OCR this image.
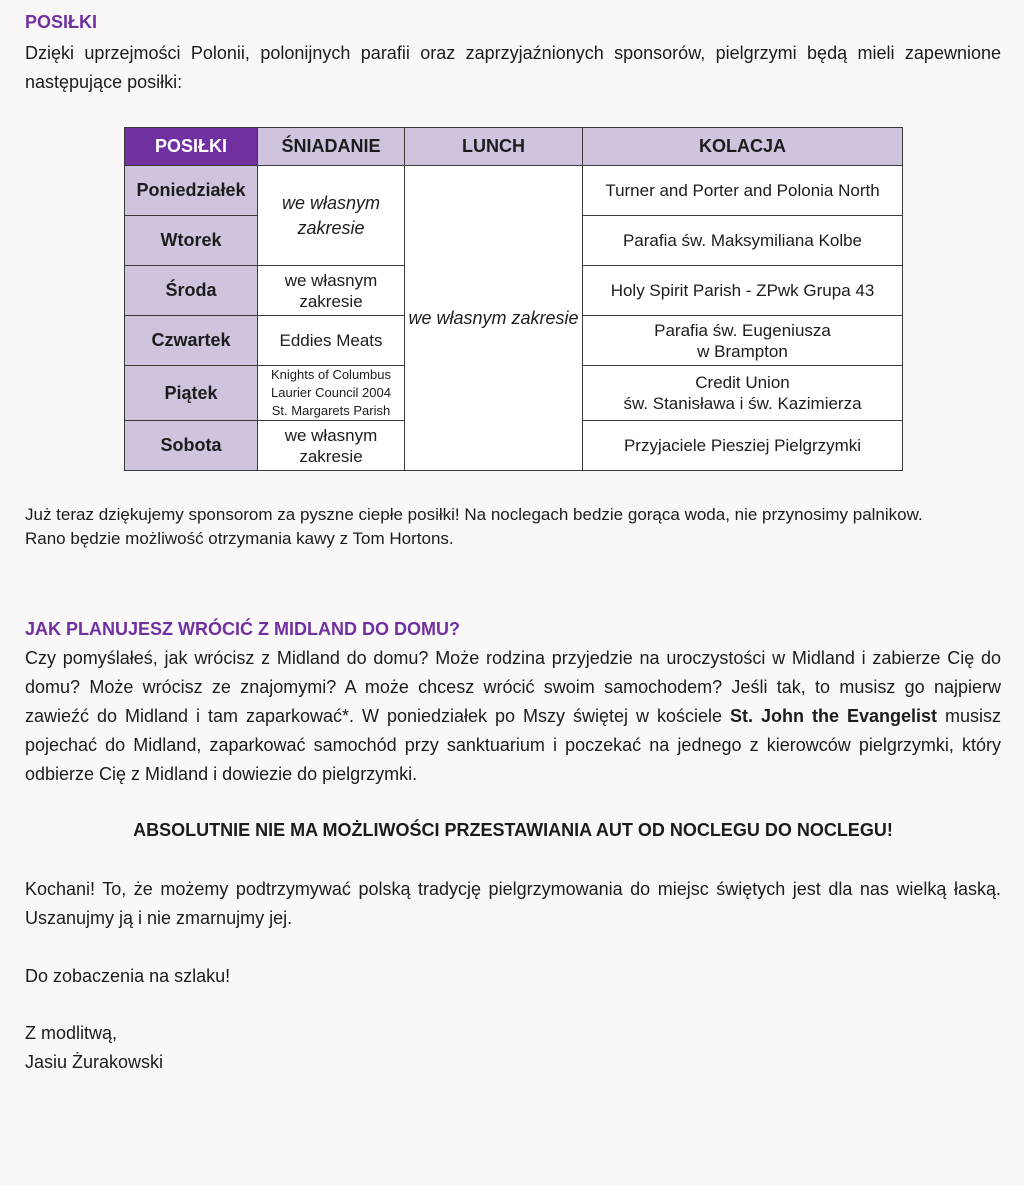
POSIŁKI

Dzięki uprzejmości Polonii, polonijnych parafii oraz zaprzyjaźnionych sponsorów, pielgrzymi będą mieli zapewnione następujące posiłki:

POSIŁKI	ŚNIADANIE	LUNCH	KOLACJA
Poniedziałek	we własnym zakresie	we własnym zakresie	Turner and Porter and Polonia North
Wtorek			Parafia św. Maksymiliana Kolbe
Środa	we własnym zakresie		Holy Spirit Parish - ZPwk Grupa 43
Czwartek	Eddies Meats		Parafia św. Eugeniusza
w Brampton
Piątek	Knights of Columbus
Laurier Council 2004
St. Margarets Parish		Credit Union
św. Stanisława i św. Kazimierza
Sobota	we własnym zakresie		Przyjaciele Piesziej Pielgrzymki
Już teraz dziękujemy sponsorom za pyszne ciepłe posiłki! Na noclegach bedzie gorąca woda, nie przynosimy palnikow.
Rano będzie możliwość otrzymania kawy z Tom Hortons.

JAK PLANUJESZ WRÓCIĆ Z MIDLAND DO DOMU?

Czy pomyślałeś, jak wrócisz z Midland do domu? Może rodzina przyjedzie na uroczystości w Midland i zabierze Cię do domu? Może wrócisz ze znajomymi? A może chcesz wrócić swoim samochodem? Jeśli tak, to musisz go najpierw zawieźć do Midland i tam zaparkować*. W poniedziałek po Mszy świętej w kościele St. John the Evangelist musisz pojechać do Midland, zaparkować samochód przy sanktuarium i poczekać na jednego z kierowców pielgrzymki, który odbierze Cię z Midland i dowiezie do pielgrzymki.

ABSOLUTNIE NIE MA MOŻLIWOŚCI PRZESTAWIANIA AUT OD NOCLEGU DO NOCLEGU!

Kochani! To, że możemy podtrzymywać polską tradycję pielgrzymowania do miejsc świętych jest dla nas wielką łaską. Uszanujmy ją i nie zmarnujmy jej.

Do zobaczenia na szlaku!

Z modlitwą,

Jasiu Żurakowski
